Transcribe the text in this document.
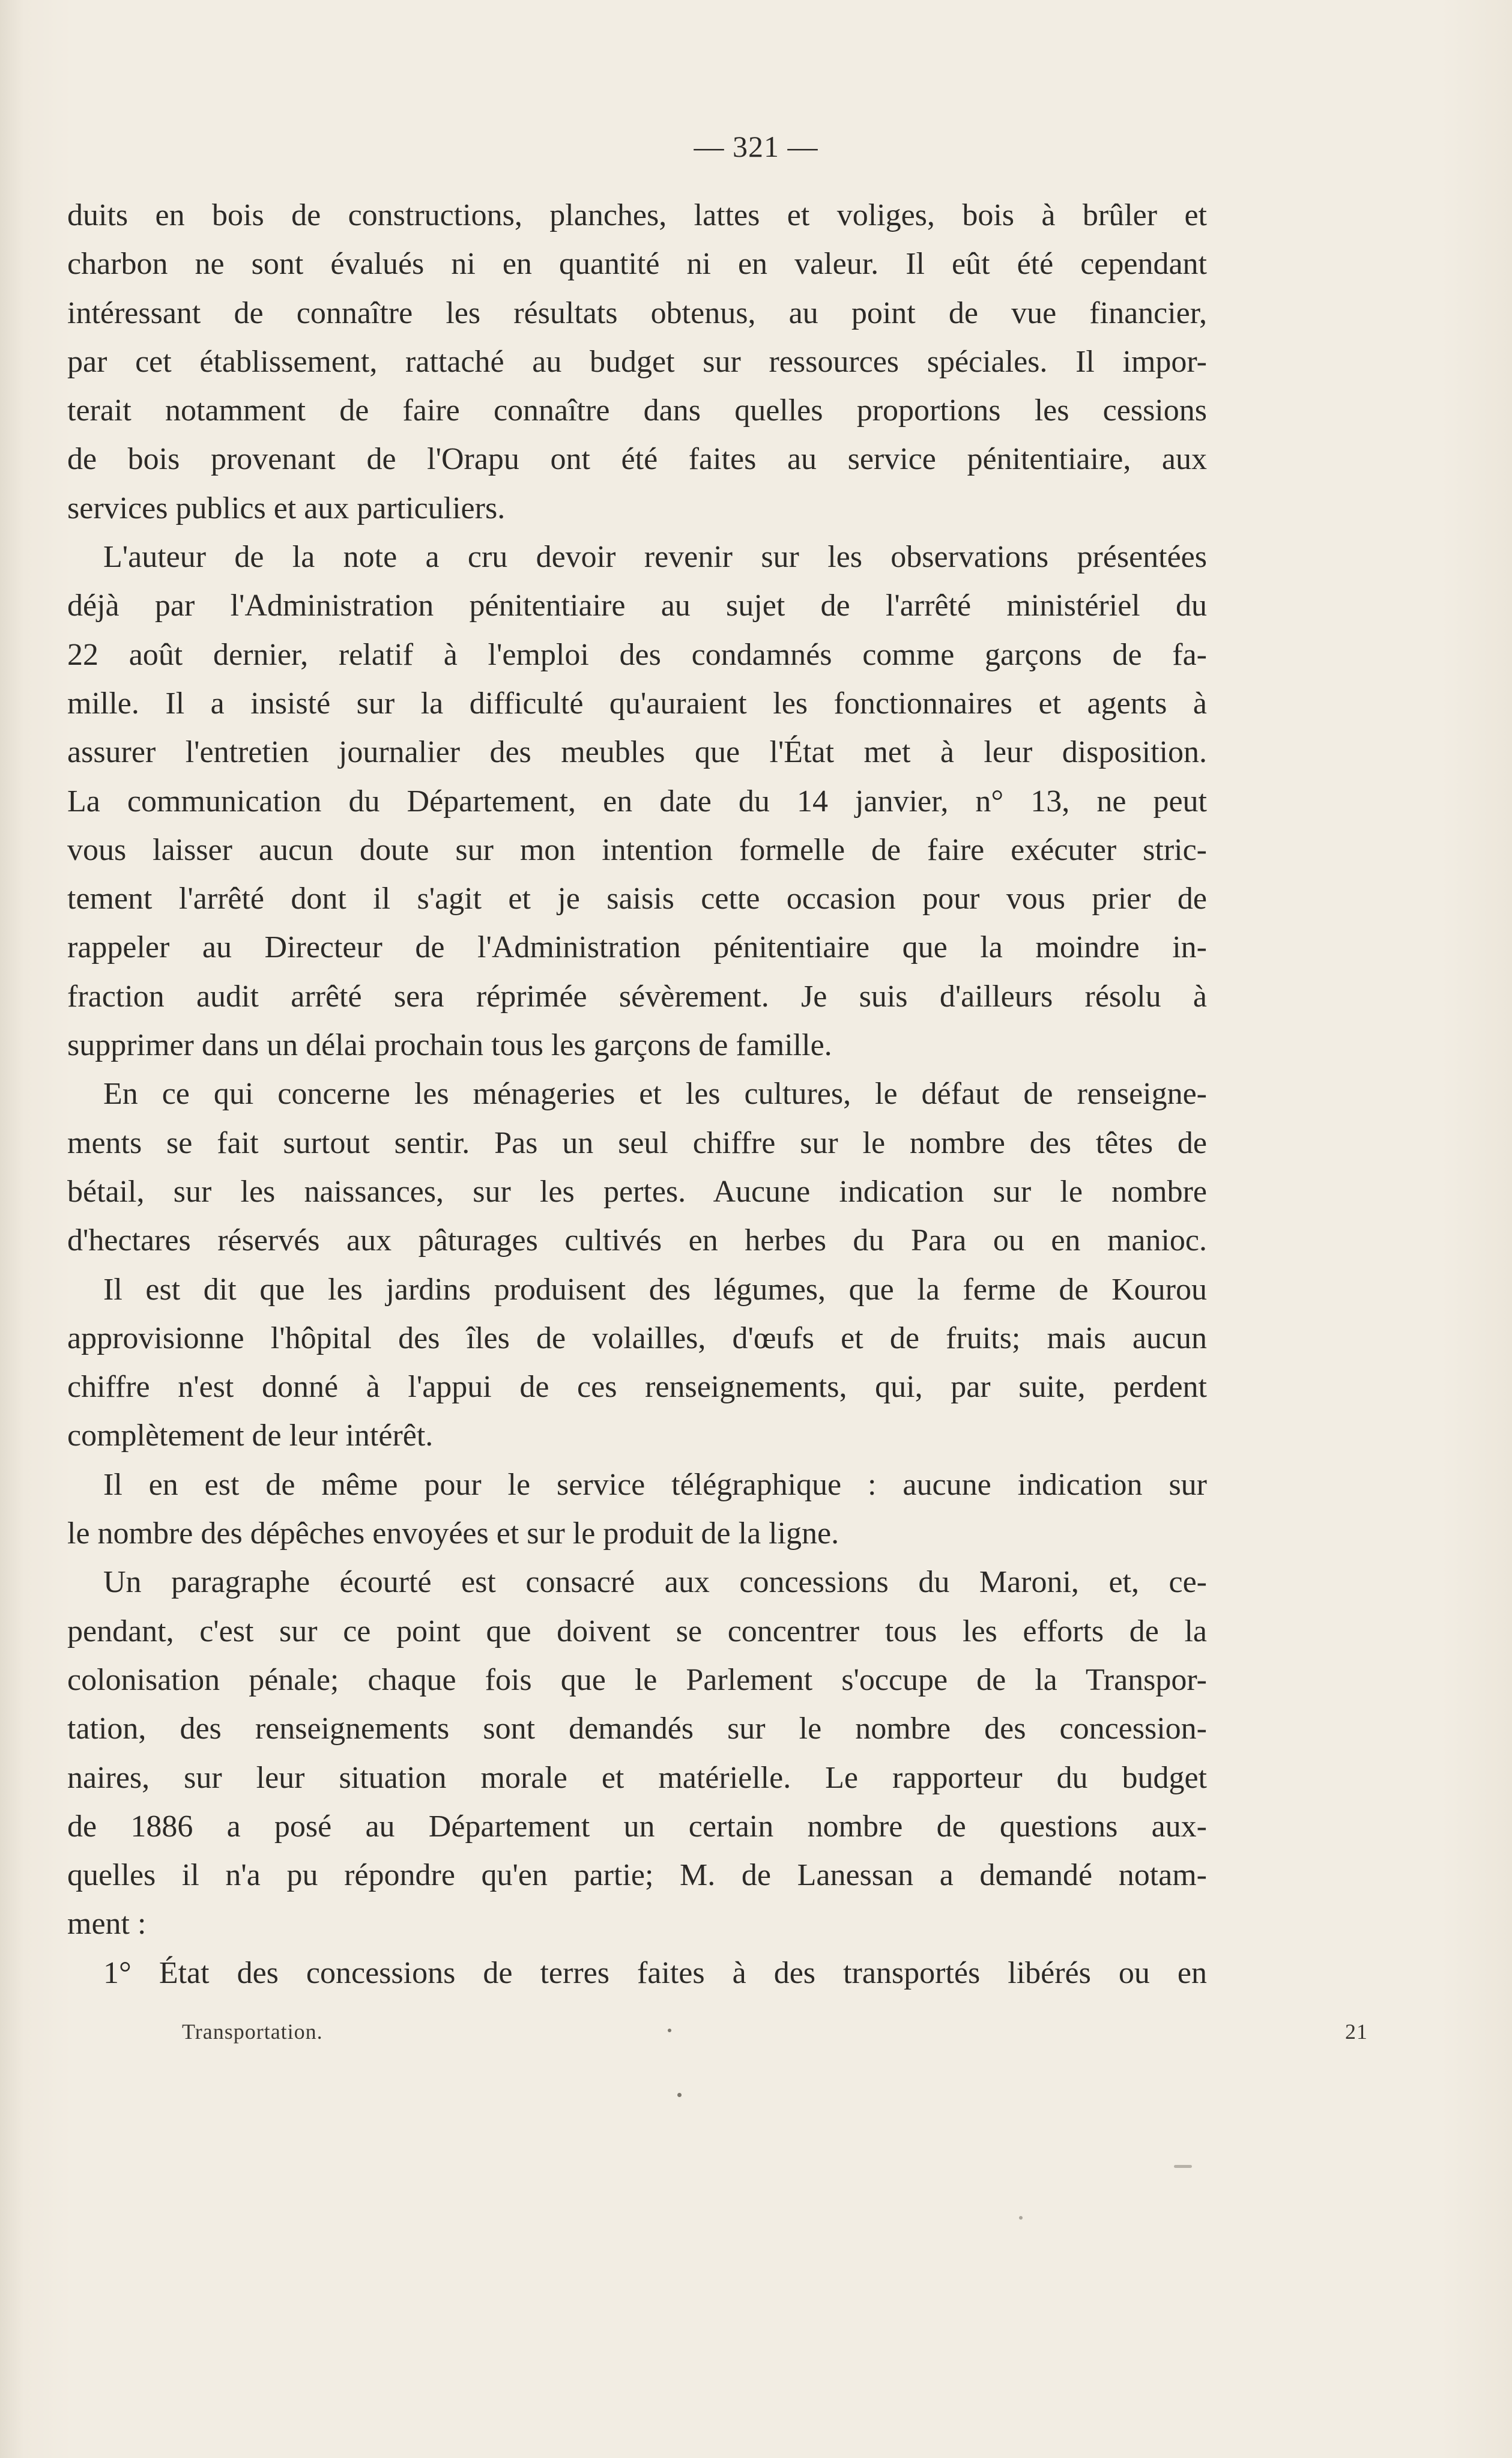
— 321 —
duits en bois de constructions, planches, lattes et voliges, bois à brûler et
charbon ne sont évalués ni en quantité ni en valeur. Il eût été cependant
intéressant de connaître les résultats obtenus, au point de vue financier,
par cet établissement, rattaché au budget sur ressources spéciales. Il impor-
terait notamment de faire connaître dans quelles proportions les cessions
de bois provenant de l'Orapu ont été faites au service pénitentiaire, aux
services publics et aux particuliers.
L'auteur de la note a cru devoir revenir sur les observations présentées
déjà par l'Administration pénitentiaire au sujet de l'arrêté ministériel du
22 août dernier, relatif à l'emploi des condamnés comme garçons de fa-
mille. Il a insisté sur la difficulté qu'auraient les fonctionnaires et agents à
assurer l'entretien journalier des meubles que l'État met à leur disposition.
La communication du Département, en date du 14 janvier, n° 13, ne peut
vous laisser aucun doute sur mon intention formelle de faire exécuter stric-
tement l'arrêté dont il s'agit et je saisis cette occasion pour vous prier de
rappeler au Directeur de l'Administration pénitentiaire que la moindre in-
fraction audit arrêté sera réprimée sévèrement. Je suis d'ailleurs résolu à
supprimer dans un délai prochain tous les garçons de famille.
En ce qui concerne les ménageries et les cultures, le défaut de renseigne-
ments se fait surtout sentir. Pas un seul chiffre sur le nombre des têtes de
bétail, sur les naissances, sur les pertes. Aucune indication sur le nombre
d'hectares réservés aux pâturages cultivés en herbes du Para ou en manioc.
Il est dit que les jardins produisent des légumes, que la ferme de Kourou
approvisionne l'hôpital des îles de volailles, d'œufs et de fruits; mais aucun
chiffre n'est donné à l'appui de ces renseignements, qui, par suite, perdent
complètement de leur intérêt.
Il en est de même pour le service télégraphique : aucune indication sur
le nombre des dépêches envoyées et sur le produit de la ligne.
Un paragraphe écourté est consacré aux concessions du Maroni, et, ce-
pendant, c'est sur ce point que doivent se concentrer tous les efforts de la
colonisation pénale; chaque fois que le Parlement s'occupe de la Transpor-
tation, des renseignements sont demandés sur le nombre des concession-
naires, sur leur situation morale et matérielle. Le rapporteur du budget
de 1886 a posé au Département un certain nombre de questions aux-
quelles il n'a pu répondre qu'en partie; M. de Lanessan a demandé notam-
ment :
1° État des concessions de terres faites à des transportés libérés ou en
Transportation.	21
